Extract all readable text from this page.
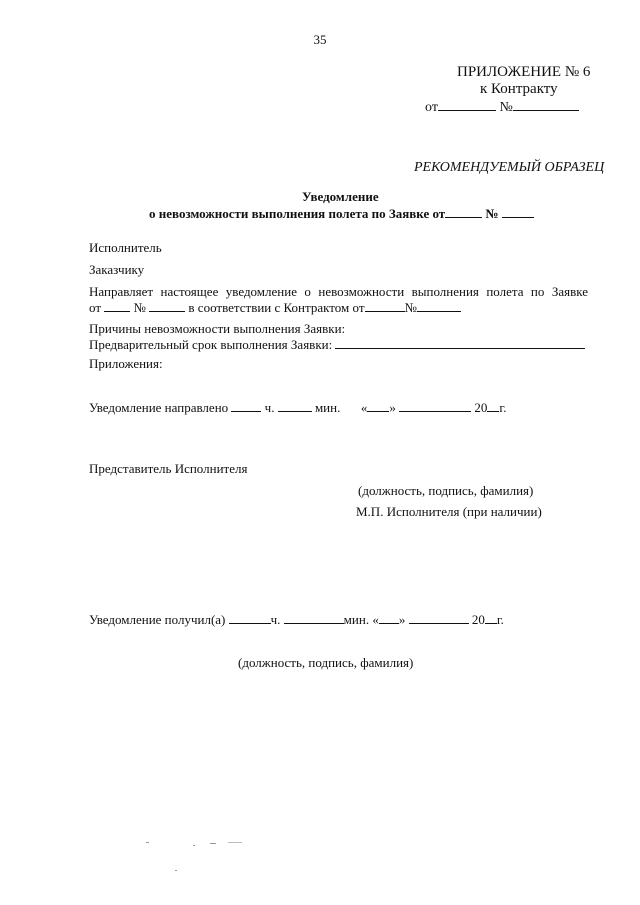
35
ПРИЛОЖЕНИЕ № 6
к Контракту
от	№
РЕКОМЕНДУЕМЫЙ ОБРАЗЕЦ
Уведомление
о невозможности выполнения полета по Заявке от	№
Исполнитель
Заказчику
Направляет настоящее уведомление о невозможности выполнения полета по Заявке
от	№	в соответствии с Контрактом от	№
Причины невозможности выполнения Заявки:
Предварительный срок выполнения Заявки:
Приложения:
Уведомление направлено	ч.	мин. « »	20 г.
Представитель Исполнителя
(должность, подпись, фамилия)
М.П. Исполнителя (при наличии)
Уведомление получил(а)	ч.	мин. « »	20 г.
(должность, подпись, фамилия)
